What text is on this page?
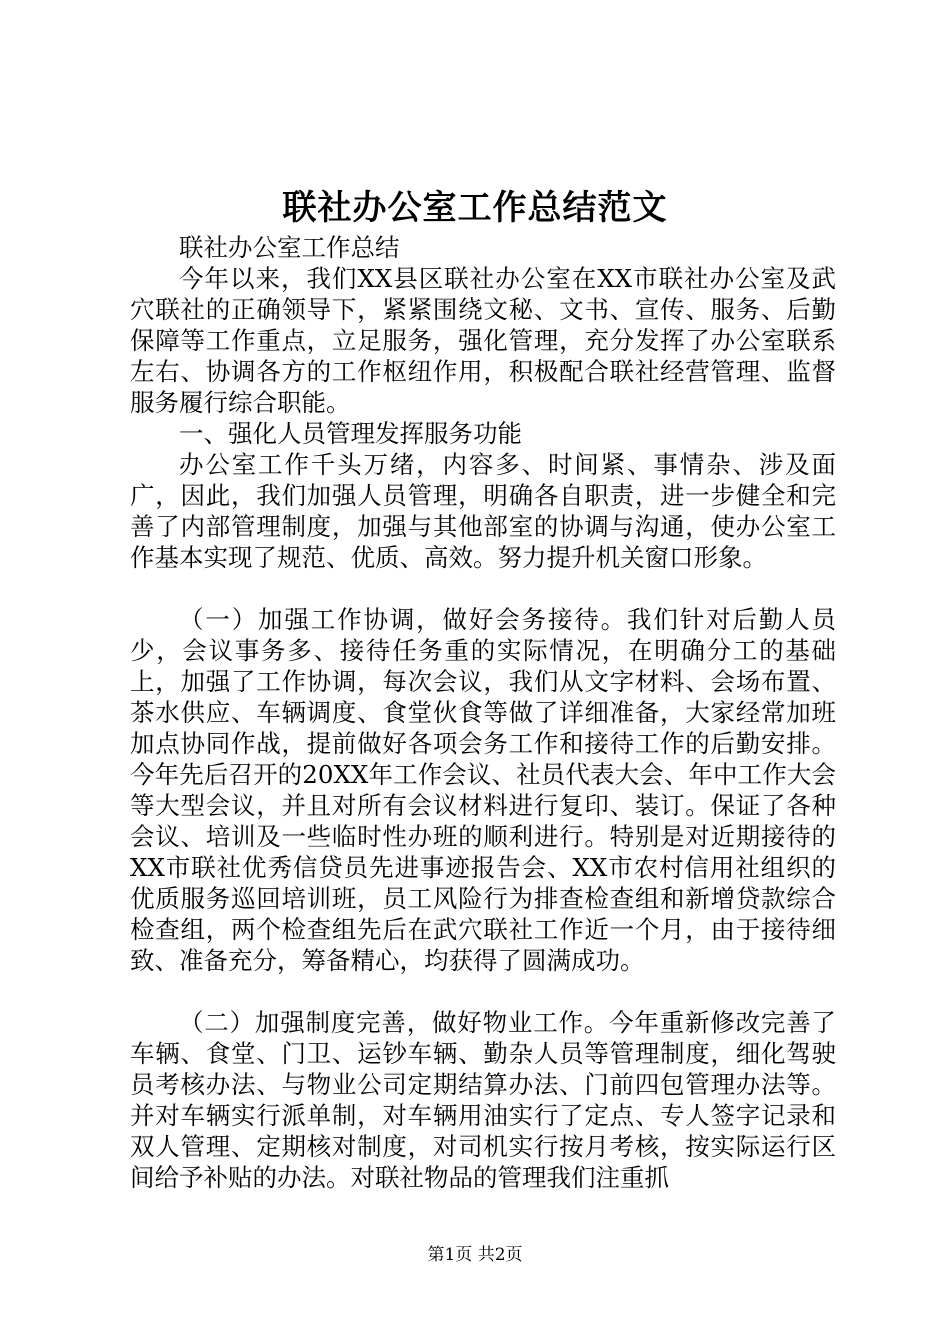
联社办公室工作总结范文

联社办公室工作总结

今年以来，我们XX县区联社办公室在XX市联社办公室及武穴联社的正确领导下，紧紧围绕文秘、文书、宣传、服务、后勤保障等工作重点，立足服务，强化管理，充分发挥了办公室联系左右、协调各方的工作枢纽作用，积极配合联社经营管理、监督服务履行综合职能。

一、强化人员管理发挥服务功能

办公室工作千头万绪，内容多、时间紧、事情杂、涉及面广，因此，我们加强人员管理，明确各自职责，进一步健全和完善了内部管理制度，加强与其他部室的协调与沟通，使办公室工作基本实现了规范、优质、高效。努力提升机关窗口形象。

（一）加强工作协调，做好会务接待。我们针对后勤人员少，会议事务多、接待任务重的实际情况，在明确分工的基础上，加强了工作协调，每次会议，我们从文字材料、会场布置、茶水供应、车辆调度、食堂伙食等做了详细准备，大家经常加班加点协同作战，提前做好各项会务工作和接待工作的后勤安排。今年先后召开的20XX年工作会议、社员代表大会、年中工作大会等大型会议，并且对所有会议材料进行复印、装订。保证了各种会议、培训及一些临时性办班的顺利进行。特别是对近期接待的XX市联社优秀信贷员先进事迹报告会、XX市农村信用社组织的优质服务巡回培训班，员工风险行为排查检查组和新增贷款综合检查组，两个检查组先后在武穴联社工作近一个月，由于接待细致、准备充分，筹备精心，均获得了圆满成功。

（二）加强制度完善，做好物业工作。今年重新修改完善了车辆、食堂、门卫、运钞车辆、勤杂人员等管理制度，细化驾驶员考核办法、与物业公司定期结算办法、门前四包管理办法等。并对车辆实行派单制，对车辆用油实行了定点、专人签字记录和双人管理、定期核对制度，对司机实行按月考核，按实际运行区间给予补贴的办法。对联社物品的管理我们注重抓

第1页 共2页
